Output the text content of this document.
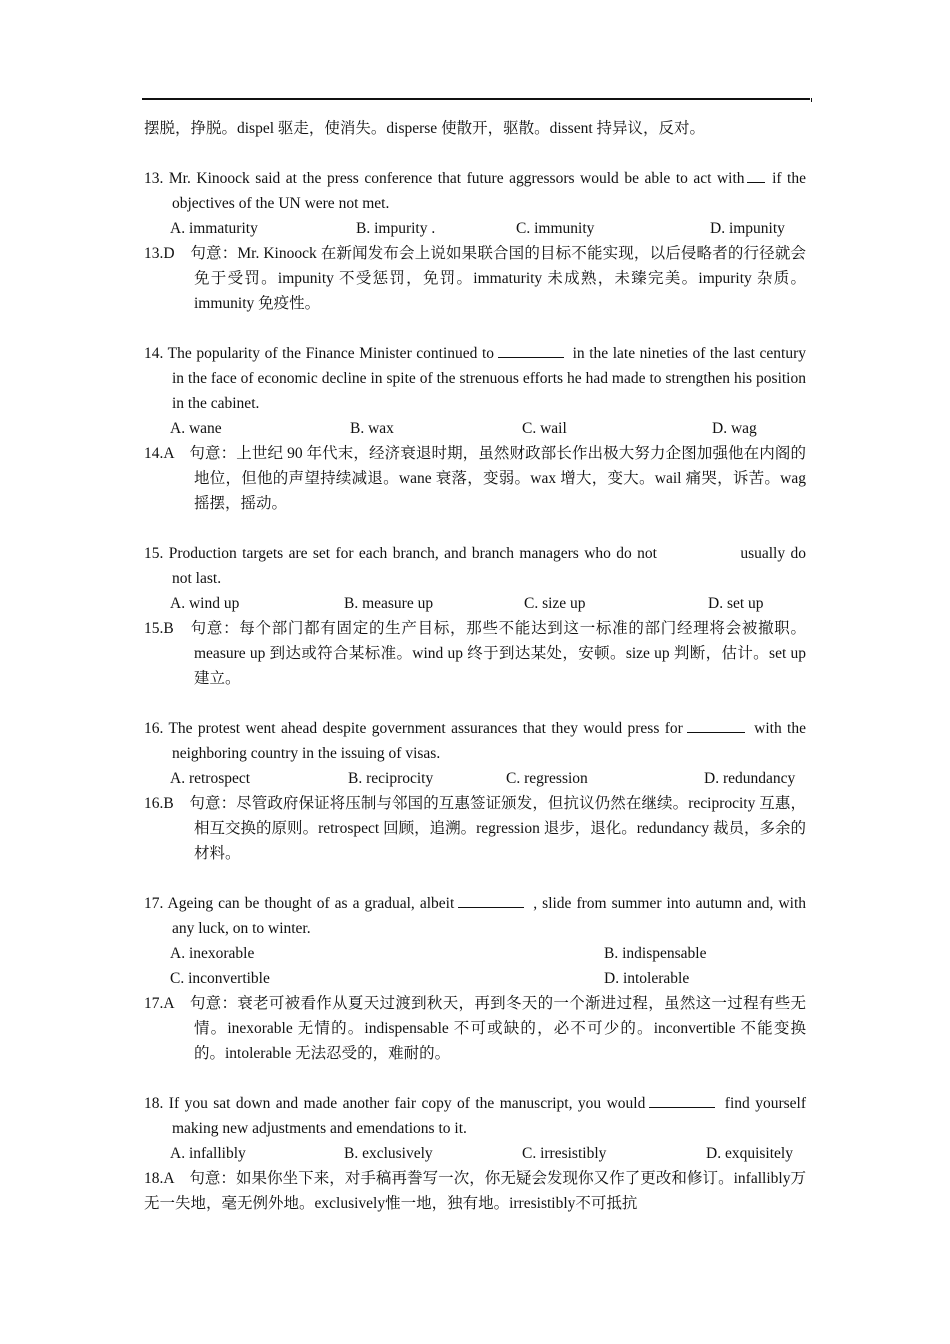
摆脱，挣脱。dispel 驱走，使消失。disperse 使散开，驱散。dissent 持异议，反对。
13. Mr. Kinoock said at the press conference that future aggressors would be able to act with if the objectives of the UN were not met.
A. immaturity	B. impurity .	C. immunity	D. impunity
13.D　句意：Mr. Kinoock 在新闻发布会上说如果联合国的目标不能实现，以后侵略者的行径就会免于受罚。impunity 不受惩罚，免罚。immaturity 未成熟，未臻完美。impurity 杂质。immunity 免疫性。
14. The popularity of the Finance Minister continued to	in the late nineties of the last century in the face of economic decline in spite of the strenuous efforts he had made to strengthen his position in the cabinet.
A. wane	B. wax	C. wail	D. wag
14.A　句意：上世纪 90 年代末，经济衰退时期，虽然财政部长作出极大努力企图加强他在内阁的地位，但他的声望持续减退。wane 衰落，变弱。wax 增大，变大。wail 痛哭，诉苦。wag 摇摆，摇动。
15. Production targets are set for each branch, and branch managers who do not	usually do not last.
A. wind up	B. measure up	C. size up	D. set up
15.B　句意：每个部门都有固定的生产目标，那些不能达到这一标准的部门经理将会被撤职。measure up 到达或符合某标准。wind up 终于到达某处，安顿。size up 判断，估计。set up 建立。
16. The protest went ahead despite government assurances that they would press for	with the neighboring country in the issuing of visas.
A. retrospect	B. reciprocity	C. regression	D. redundancy
16.B　句意：尽管政府保证将压制与邻国的互惠签证颁发，但抗议仍然在继续。reciprocity 互惠，相互交换的原则。retrospect 回顾，追溯。regression 退步，退化。redundancy 裁员，多余的材料。
17. Ageing can be thought of as a gradual, albeit	, slide from summer into autumn and, with any luck, on to winter.
A. inexorable	B. indispensable
C. inconvertible	D. intolerable
17.A　句意：衰老可被看作从夏天过渡到秋天，再到冬天的一个渐进过程，虽然这一过程有些无情。inexorable 无情的。indispensable 不可或缺的，必不可少的。inconvertible 不能变换的。intolerable 无法忍受的，难耐的。
18. If you sat down and made another fair copy of the manuscript, you would	find yourself making new adjustments and emendations to it.
A. infallibly	B. exclusively	C. irresistibly	D. exquisitely
18.A　句意：如果你坐下来，对手稿再誊写一次，你无疑会发现你又作了更改和修订。infallibly万无一失地，毫无例外地。exclusively惟一地，独有地。irresistibly不可抵抗
